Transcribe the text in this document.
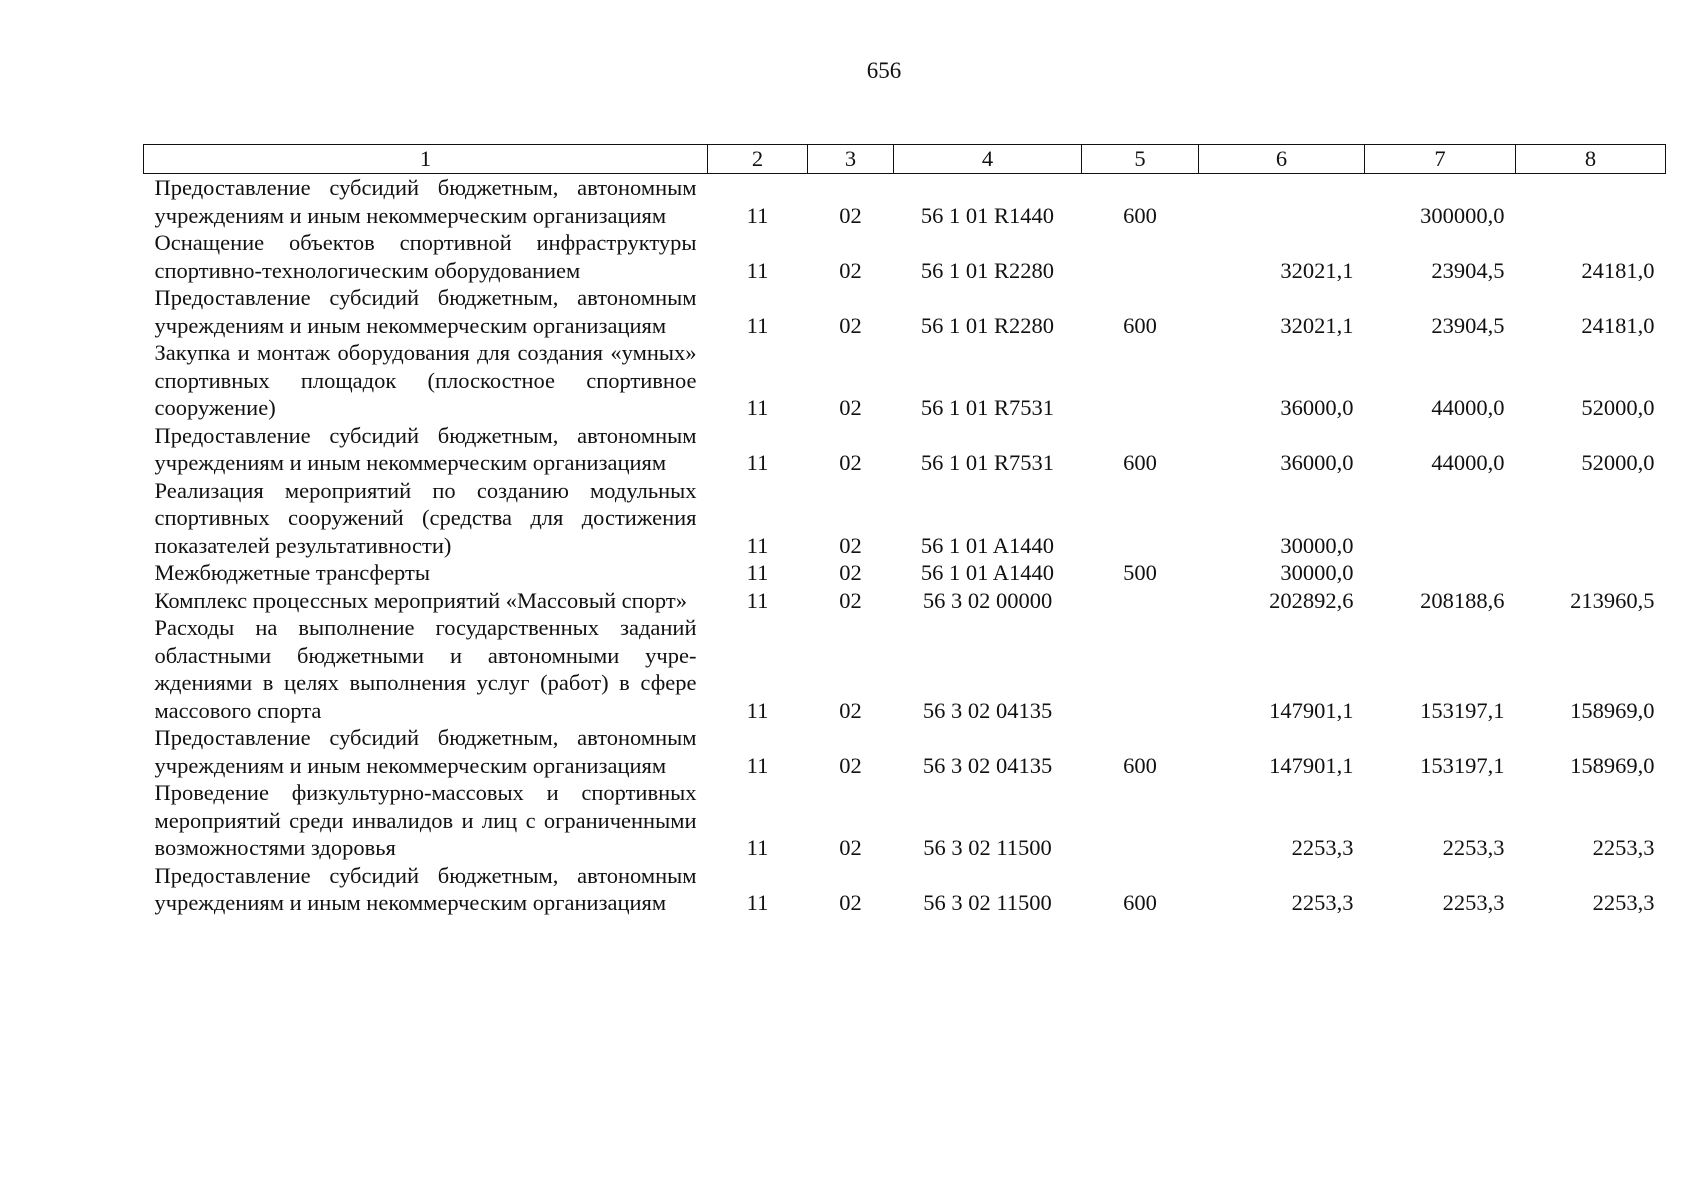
656
1	2	3	4	5	6	7	8
Предоставление субсидий бюджетным, автономным учреждениям и иным некоммерческим организациям	11	02	56 1 01 R1440	600		300000,0	
Оснащение объектов спортивной инфраструктуры спортивно-технологическим оборудованием	11	02	56 1 01 R2280		32021,1	23904,5	24181,0
Предоставление субсидий бюджетным, автономным учреждениям и иным некоммерческим организациям	11	02	56 1 01 R2280	600	32021,1	23904,5	24181,0
Закупка и монтаж оборудования для создания «умных» спортивных площадок (плоскостное спортивное сооружение)	11	02	56 1 01 R7531		36000,0	44000,0	52000,0
Предоставление субсидий бюджетным, автономным учреждениям и иным некоммерческим организациям	11	02	56 1 01 R7531	600	36000,0	44000,0	52000,0
Реализация мероприятий по созданию модульных спортивных сооружений (средства для достижения показателей результативности)	11	02	56 1 01 A1440		30000,0		
Межбюджетные трансферты	11	02	56 1 01 A1440	500	30000,0		
Комплекс процессных мероприятий «Массовый спорт»	11	02	56 3 02 00000		202892,6	208188,6	213960,5
Расходы на выполнение государственных заданий областными бюджетными и автономными учреждениями в целях выполнения услуг (работ) в сфере массового спорта	11	02	56 3 02 04135		147901,1	153197,1	158969,0
Предоставление субсидий бюджетным, автономным учреждениям и иным некоммерческим организациям	11	02	56 3 02 04135	600	147901,1	153197,1	158969,0
Проведение физкультурно-массовых и спортивных мероприятий среди инвалидов и лиц с ограниченными возможностями здоровья	11	02	56 3 02 11500		2253,3	2253,3	2253,3
Предоставление субсидий бюджетным, автономным учреждениям и иным некоммерческим организациям	11	02	56 3 02 11500	600	2253,3	2253,3	2253,3
